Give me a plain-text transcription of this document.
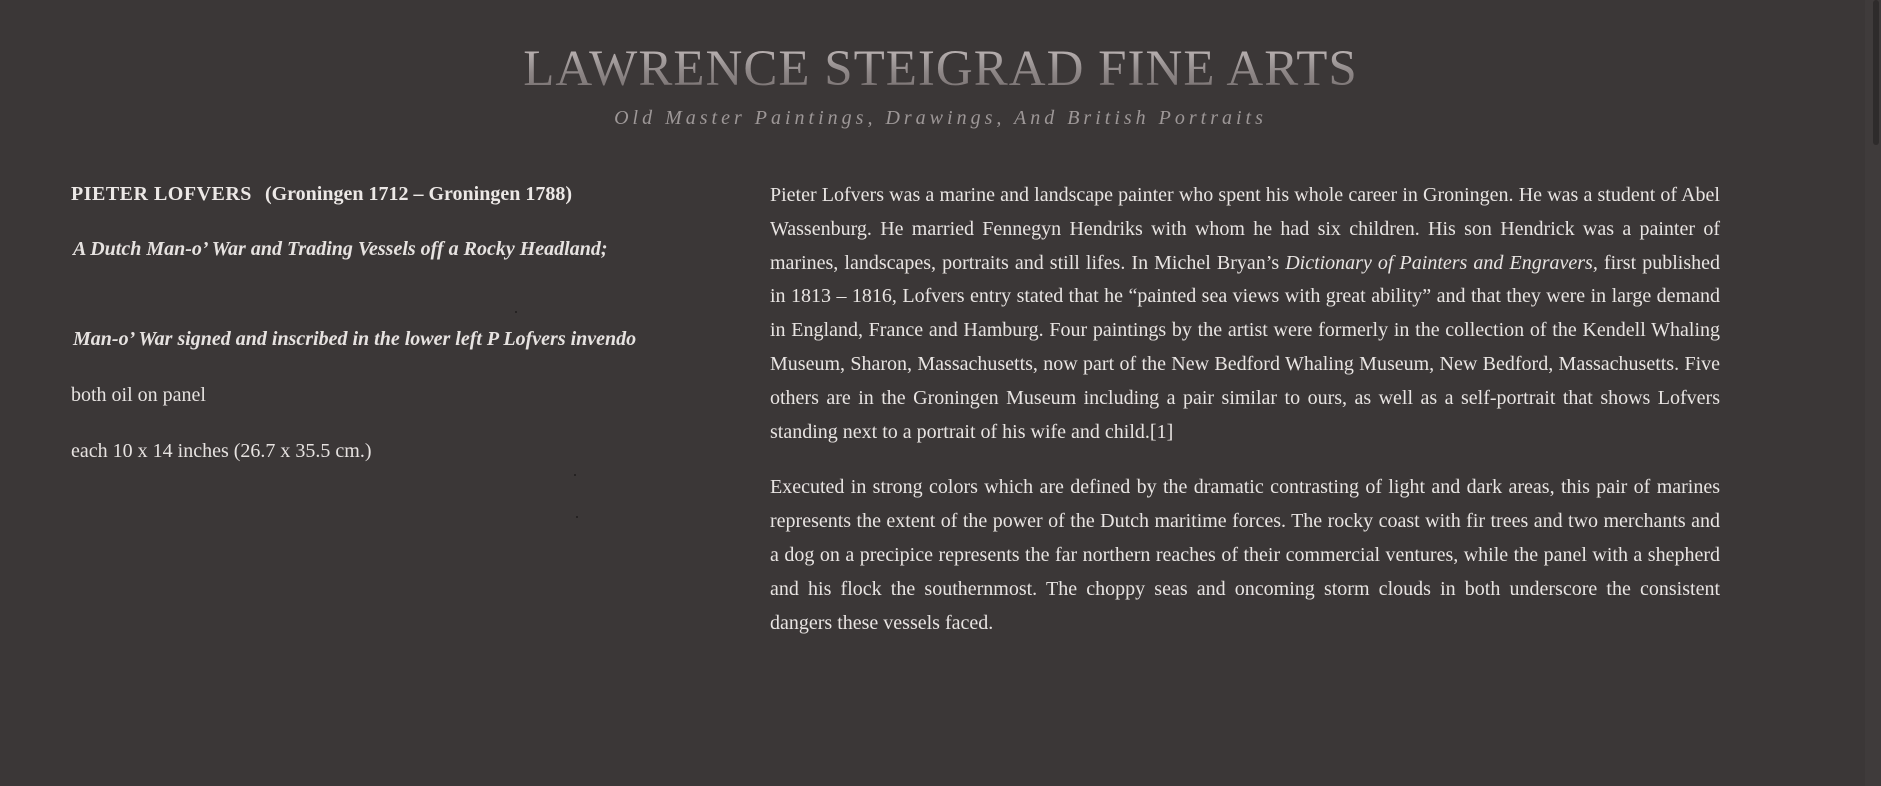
LAWRENCE STEIGRAD FINE ARTS
Old Master Paintings, Drawings, And British Portraits

PIETER LOFVERS (Groningen 1712 – Groningen 1788)

A Dutch Man-o’ War and Trading Vessels off a Rocky Headland;

Man-o’ War signed and inscribed in the lower left P Lofvers invendo

both oil on panel

each 10 x 14 inches (26.7 x 35.5 cm.)

Pieter Lofvers was a marine and landscape painter who spent his whole career in Groningen. He was a student of Abel Wassenburg. He married Fennegyn Hendriks with whom he had six children. His son Hendrick was a painter of marines, landscapes, portraits and still lifes. In Michel Bryan’s Dictionary of Painters and Engravers, first published in 1813 – 1816, Lofvers entry stated that he “painted sea views with great ability” and that they were in large demand in England, France and Hamburg. Four paintings by the artist were formerly in the collection of the Kendell Whaling Museum, Sharon, Massachusetts, now part of the New Bedford Whaling Museum, New Bedford, Massachusetts. Five others are in the Groningen Museum including a pair similar to ours, as well as a self-portrait that shows Lofvers standing next to a portrait of his wife and child.[1]

Executed in strong colors which are defined by the dramatic contrasting of light and dark areas, this pair of marines represents the extent of the power of the Dutch maritime forces. The rocky coast with fir trees and two merchants and a dog on a precipice represents the far northern reaches of their commercial ventures, while the panel with a shepherd and his flock the southernmost. The choppy seas and oncoming storm clouds in both underscore the consistent dangers these vessels faced.
